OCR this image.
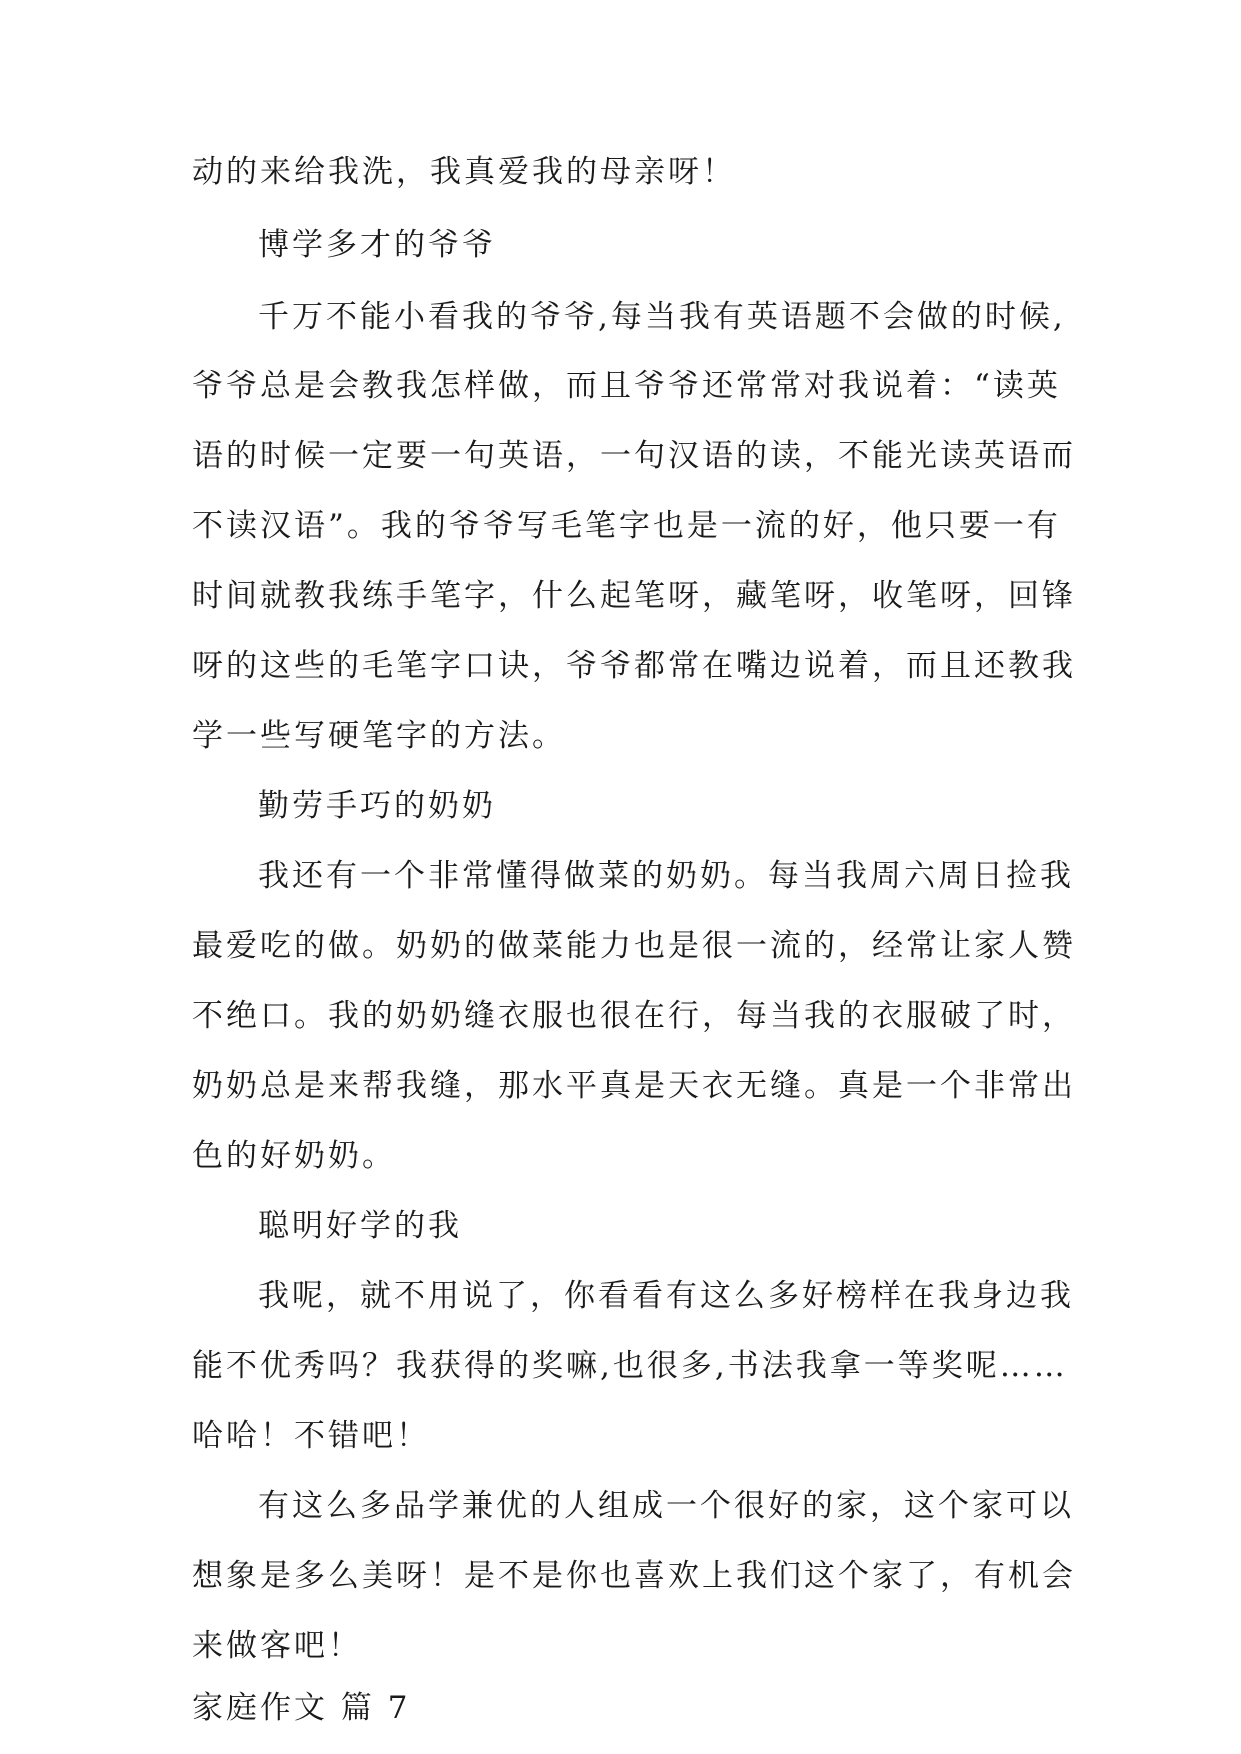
动的来给我洗，我真爱我的母亲呀！
博学多才的爷爷
千万不能小看我的爷爷,每当我有英语题不会做的时候,
爷爷总是会教我怎样做，而且爷爷还常常对我说着：“读英
语的时候一定要一句英语，一句汉语的读，不能光读英语而
不读汉语”。我的爷爷写毛笔字也是一流的好，他只要一有
时间就教我练手笔字，什么起笔呀，藏笔呀，收笔呀，回锋
呀的这些的毛笔字口诀，爷爷都常在嘴边说着，而且还教我
学一些写硬笔字的方法。
勤劳手巧的奶奶
我还有一个非常懂得做菜的奶奶。每当我周六周日捡我
最爱吃的做。奶奶的做菜能力也是很一流的，经常让家人赞
不绝口。我的奶奶缝衣服也很在行，每当我的衣服破了时，
奶奶总是来帮我缝，那水平真是天衣无缝。真是一个非常出
色的好奶奶。
聪明好学的我
我呢，就不用说了，你看看有这么多好榜样在我身边我
能不优秀吗？我获得的奖嘛,也很多,书法我拿一等奖呢……
哈哈！不错吧！
有这么多品学兼优的人组成一个很好的家，这个家可以
想象是多么美呀！是不是你也喜欢上我们这个家了，有机会
来做客吧！
家庭作文 篇 7
